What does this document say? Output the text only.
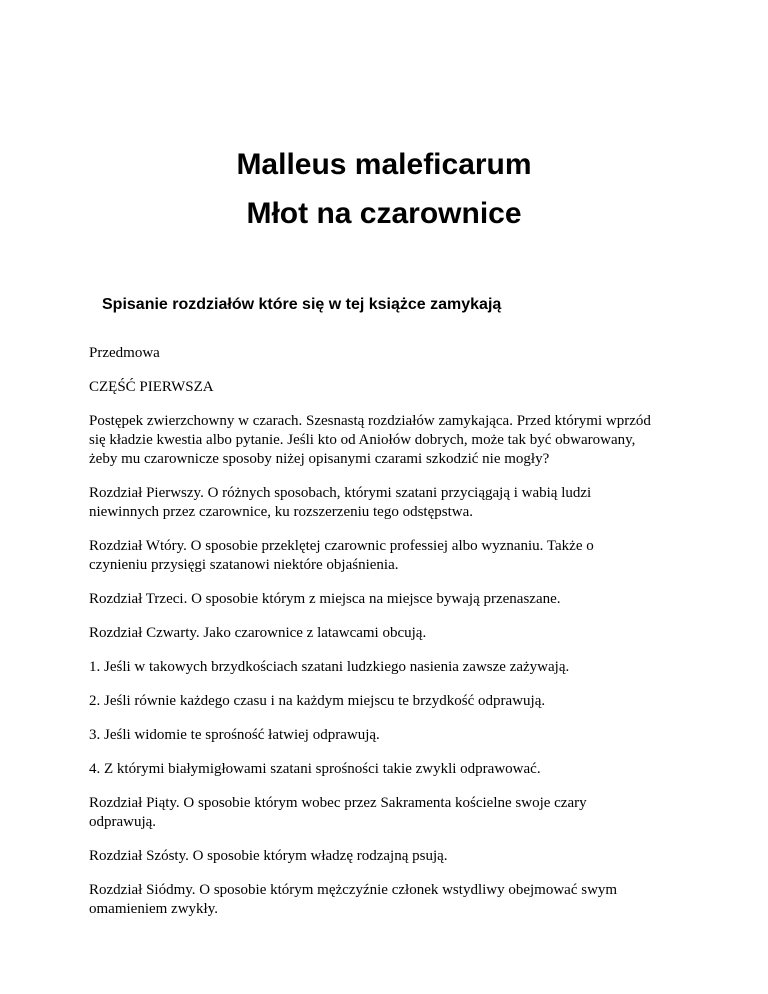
Malleus maleficarum
Młot na czarownice
Spisanie rozdziałów które się w tej książce zamykają

Przedmowa

CZĘŚĆ PIERWSZA

Postępek zwierzchowny w czarach. Szesnastą rozdziałów zamykająca. Przed którymi wprzód
się kładzie kwestia albo pytanie. Jeśli kto od Aniołów dobrych, może tak być obwarowany,
żeby mu czarownicze sposoby niżej opisanymi czarami szkodzić nie mogły?

Rozdział Pierwszy. O różnych sposobach, którymi szatani przyciągają i wabią ludzi
niewinnych przez czarownice, ku rozszerzeniu tego odstępstwa.

Rozdział Wtóry. O sposobie przeklętej czarownic professiej albo wyznaniu. Także o
czynieniu przysięgi szatanowi niektóre objaśnienia.

Rozdział Trzeci. O sposobie którym z miejsca na miejsce bywają przenaszane.

Rozdział Czwarty. Jako czarownice z latawcami obcują.

1. Jeśli w takowych brzydkościach szatani ludzkiego nasienia zawsze zażywają.

2. Jeśli równie każdego czasu i na każdym miejscu te brzydkość odprawują.

3. Jeśli widomie te sprośność łatwiej odprawują.

4. Z którymi białymigłowami szatani sprośności takie zwykli odprawować.

Rozdział Piąty. O sposobie którym wobec przez Sakramenta kościelne swoje czary
odprawują.

Rozdział Szósty. O sposobie którym władzę rodzajną psują.

Rozdział Siódmy. O sposobie którym mężczyźnie członek wstydliwy obejmować swym
omamieniem zwykły.
